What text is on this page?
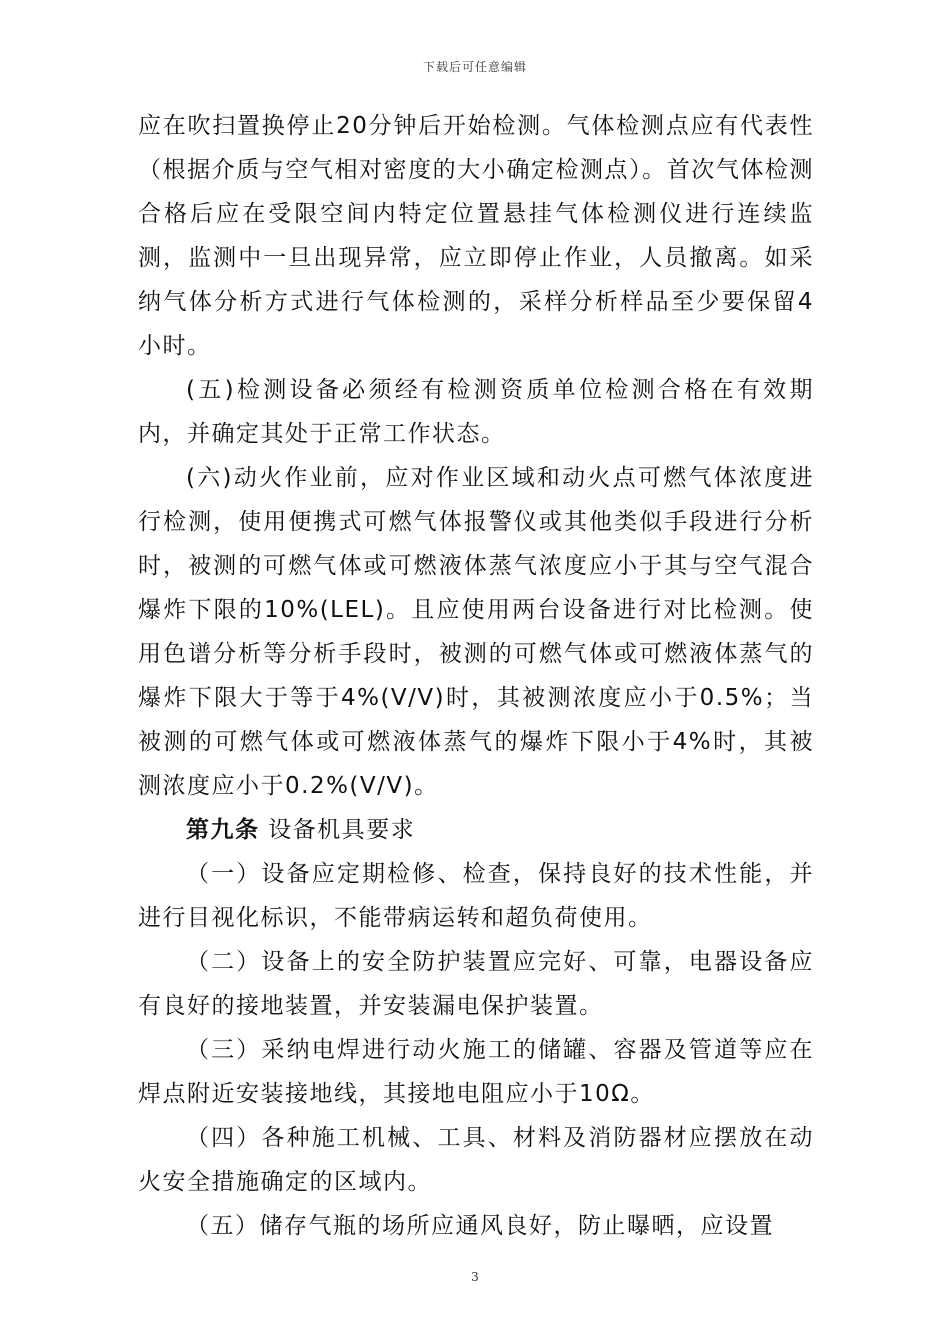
下载后可任意编辑

应在吹扫置换停止20分钟后开始检测。气体检测点应有代表性（根据介质与空气相对密度的大小确定检测点）。首次气体检测合格后应在受限空间内特定位置悬挂气体检测仪进行连续监测，监测中一旦出现异常，应立即停止作业，人员撤离。如采纳气体分析方式进行气体检测的，采样分析样品至少要保留4小时。

(五)检测设备必须经有检测资质单位检测合格在有效期内，并确定其处于正常工作状态。

(六)动火作业前，应对作业区域和动火点可燃气体浓度进行检测，使用便携式可燃气体报警仪或其他类似手段进行分析时，被测的可燃气体或可燃液体蒸气浓度应小于其与空气混合爆炸下限的10%(LEL)。且应使用两台设备进行对比检测。使用色谱分析等分析手段时，被测的可燃气体或可燃液体蒸气的爆炸下限大于等于4%(V/V)时，其被测浓度应小于0.5%；当被测的可燃气体或可燃液体蒸气的爆炸下限小于4%时，其被测浓度应小于0.2%(V/V)。

第九条 设备机具要求

（一）设备应定期检修、检查，保持良好的技术性能，并进行目视化标识，不能带病运转和超负荷使用。

（二）设备上的安全防护装置应完好、可靠，电器设备应有良好的接地装置，并安装漏电保护装置。

（三）采纳电焊进行动火施工的储罐、容器及管道等应在焊点附近安装接地线，其接地电阻应小于10Ω。

（四）各种施工机械、工具、材料及消防器材应摆放在动火安全措施确定的区域内。

（五）储存气瓶的场所应通风良好，防止曝晒，应设置

3
